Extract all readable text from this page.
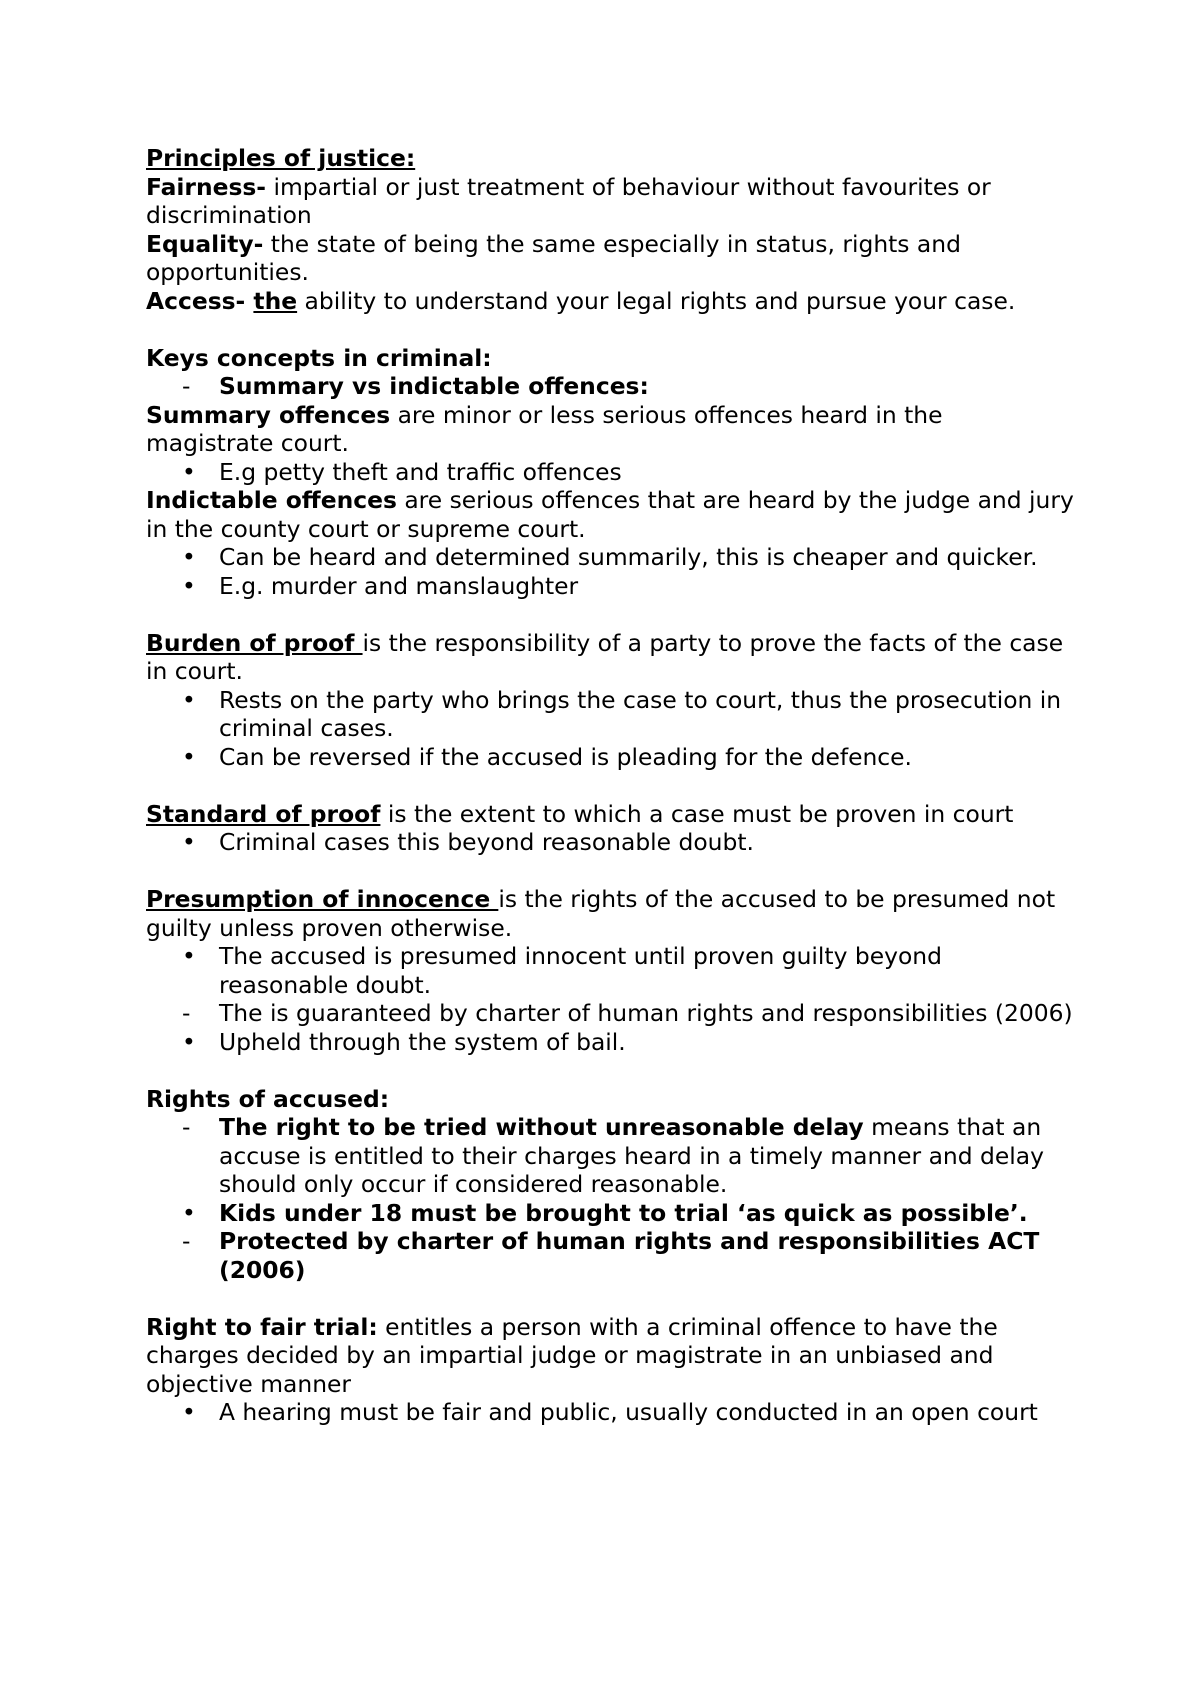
Principles of justice:

Fairness- impartial or just treatment of behaviour without favourites or discrimination

Equality- the state of being the same especially in status, rights and opportunities.

Access- the ability to understand your legal rights and pursue your case.

Keys concepts in criminal:

-
Summary vs indictable offences:

Summary offences are minor or less serious offences heard in the magistrate court.

•
E.g petty theft and traffic offences

Indictable offences are serious offences that are heard by the judge and jury in the county court or supreme court.

•
Can be heard and determined summarily, this is cheaper and quicker.

•
E.g. murder and manslaughter

Burden of proof is the responsibility of a party to prove the facts of the case in court.

•
Rests on the party who brings the case to court, thus the prosecution in criminal cases.

•
Can be reversed if the accused is pleading for the defence.

Standard of proof is the extent to which a case must be proven in court

•
Criminal cases this beyond reasonable doubt.

Presumption of innocence is the rights of the accused to be presumed not guilty unless proven otherwise.

•
The accused is presumed innocent until proven guilty beyond reasonable doubt.

-
The is guaranteed by charter of human rights and responsibilities (2006)

•
Upheld through the system of bail.

Rights of accused:

-
The right to be tried without unreasonable delay means that an accuse is entitled to their charges heard in a timely manner and delay should only occur if considered reasonable.

•
Kids under 18 must be brought to trial ‘as quick as possible’.

-
Protected by charter of human rights and responsibilities ACT (2006)

Right to fair trial: entitles a person with a criminal offence to have the charges decided by an impartial judge or magistrate in an unbiased and objective manner

•
A hearing must be fair and public, usually conducted in an open court
